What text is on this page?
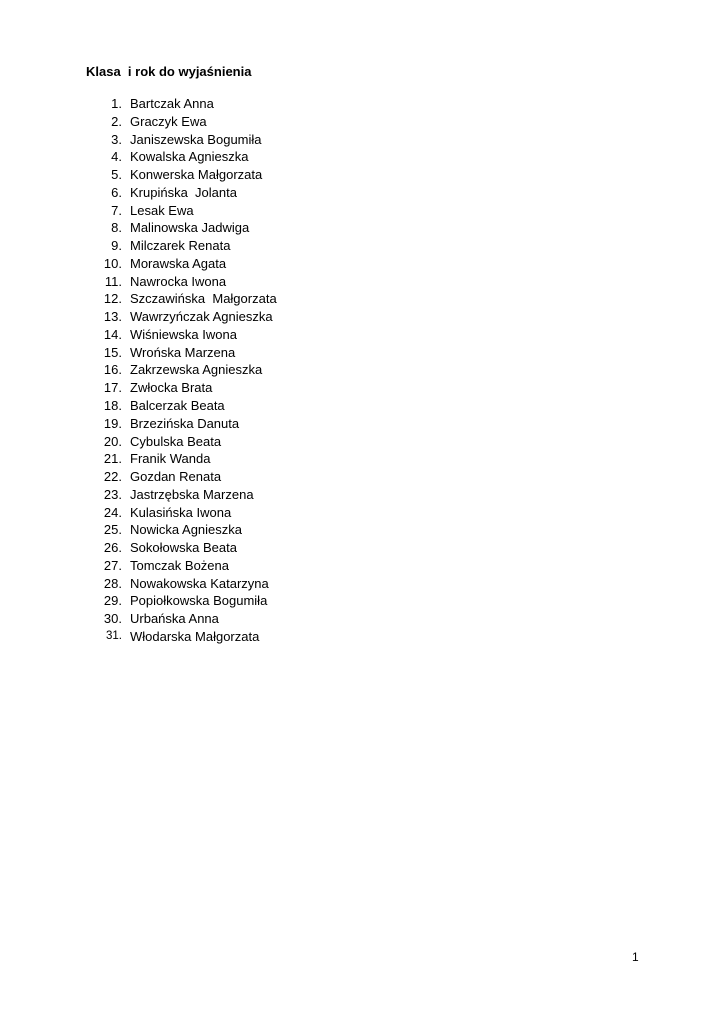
Klasa  i rok do wyjaśnienia
1. Bartczak Anna
2. Graczyk Ewa
3. Janiszewska Bogumiła
4. Kowalska Agnieszka
5. Konwerska Małgorzata
6. Krupińska  Jolanta
7. Lesak Ewa
8. Malinowska Jadwiga
9. Milczarek Renata
10. Morawska Agata
11. Nawrocka Iwona
12. Szczawińska  Małgorzata
13. Wawrzyńczak Agnieszka
14. Wiśniewska Iwona
15. Wrońska Marzena
16. Zakrzewska Agnieszka
17. Zwłocka Brata
18. Balcerzak Beata
19. Brzezińska Danuta
20. Cybulska Beata
21. Franik Wanda
22. Gozdan Renata
23. Jastrzębska Marzena
24. Kulasińska Iwona
25. Nowicka Agnieszka
26. Sokołowska Beata
27. Tomczak Bożena
28. Nowakowska Katarzyna
29. Popiołkowska Bogumiła
30. Urbańska Anna
31. Włodarska Małgorzata
1
